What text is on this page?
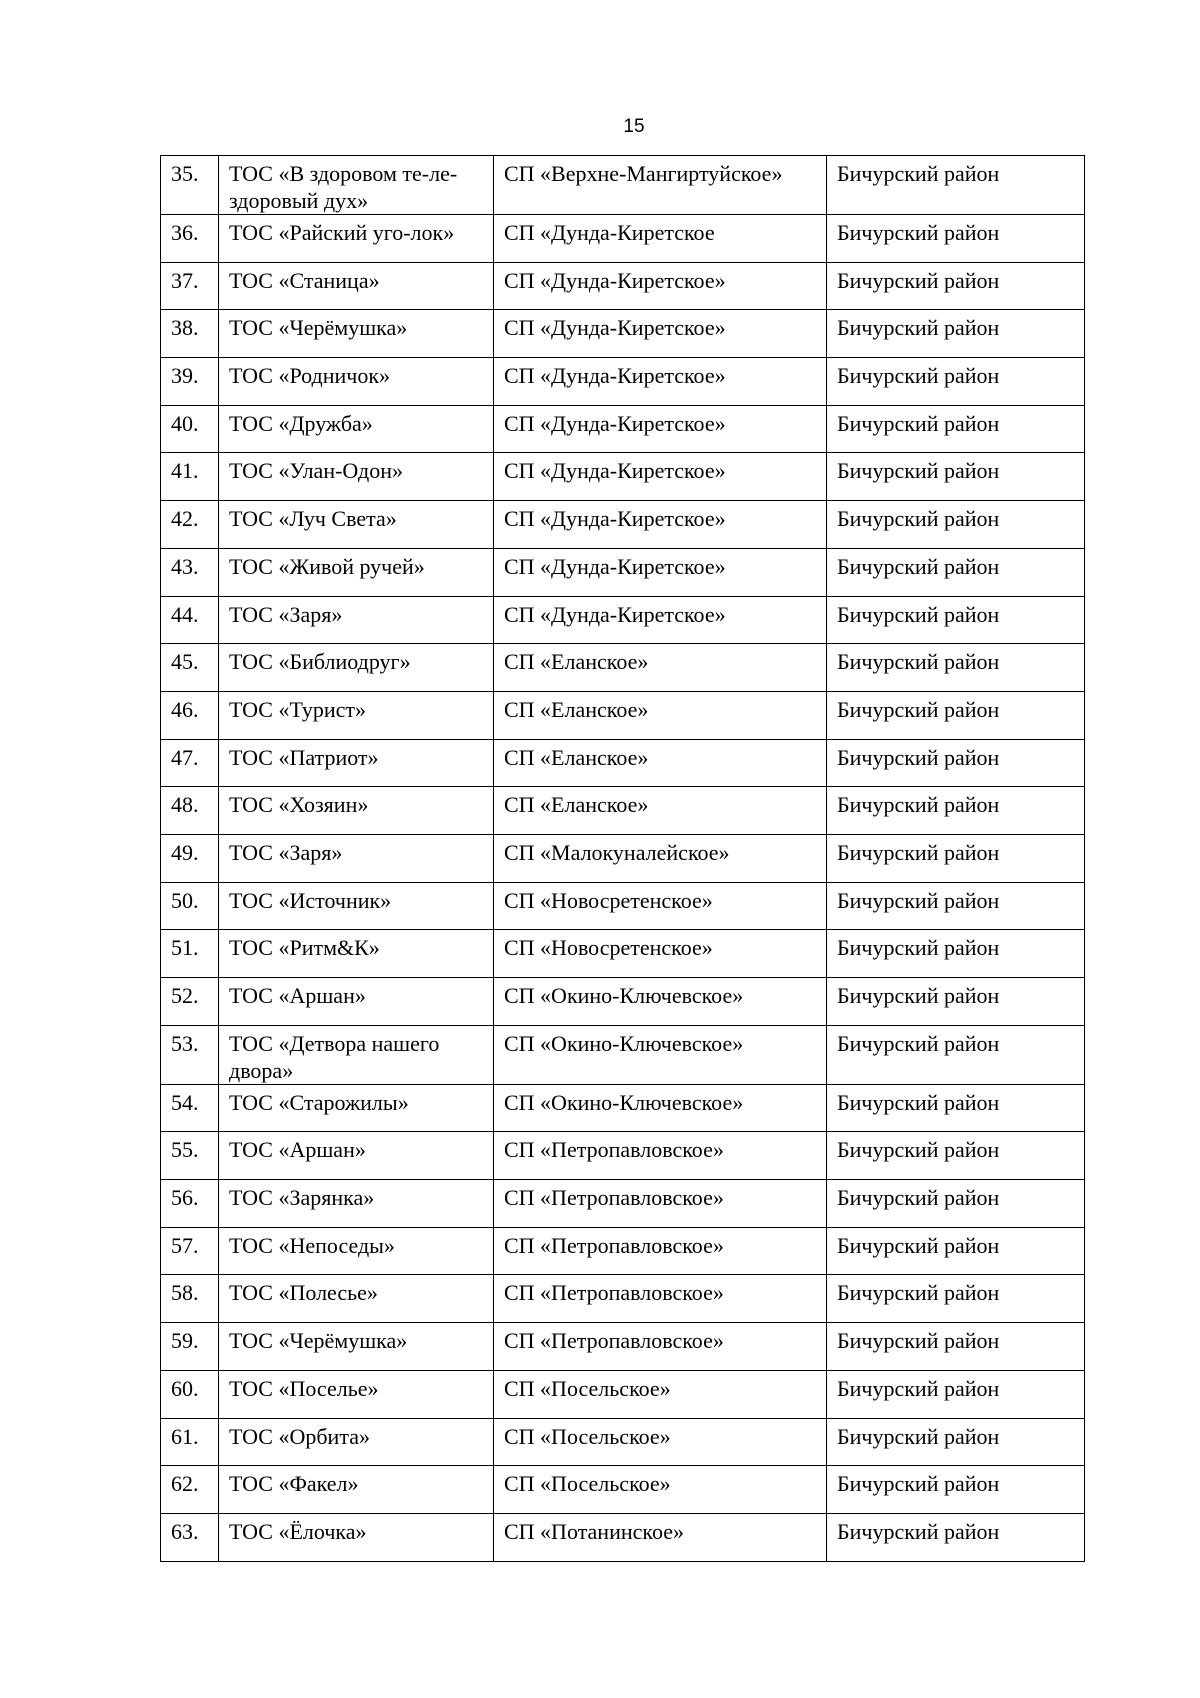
15
35.	ТОС «В здоровом те-ле-здоровый дух»	СП «Верхне-Мангиртуйское»	Бичурский район
36.	ТОС «Райский уго-лок»	СП «Дунда-Киретское	Бичурский район
37.	ТОС «Станица»	СП «Дунда-Киретское»	Бичурский район
38.	ТОС «Черёмушка»	СП «Дунда-Киретское»	Бичурский район
39.	ТОС «Родничок»	СП «Дунда-Киретское»	Бичурский район
40.	ТОС «Дружба»	СП «Дунда-Киретское»	Бичурский район
41.	ТОС «Улан-Одон»	СП «Дунда-Киретское»	Бичурский район
42.	ТОС «Луч Света»	СП «Дунда-Киретское»	Бичурский район
43.	ТОС «Живой ручей»	СП «Дунда-Киретское»	Бичурский район
44.	ТОС «Заря»	СП «Дунда-Киретское»	Бичурский район
45.	ТОС «Библиодруг»	СП «Еланское»	Бичурский район
46.	ТОС «Турист»	СП «Еланское»	Бичурский район
47.	ТОС «Патриот»	СП «Еланское»	Бичурский район
48.	ТОС «Хозяин»	СП «Еланское»	Бичурский район
49.	ТОС «Заря»	СП «Малокуналейское»	Бичурский район
50.	ТОС «Источник»	СП «Новосретенское»	Бичурский район
51.	ТОС «Ритм&К»	СП «Новосретенское»	Бичурский район
52.	ТОС «Аршан»	СП «Окино-Ключевское»	Бичурский район
53.	ТОС «Детвора нашего двора»	СП «Окино-Ключевское»	Бичурский район
54.	ТОС «Старожилы»	СП «Окино-Ключевское»	Бичурский район
55.	ТОС «Аршан»	СП «Петропавловское»	Бичурский район
56.	ТОС «Зарянка»	СП «Петропавловское»	Бичурский район
57.	ТОС «Непоседы»	СП «Петропавловское»	Бичурский район
58.	ТОС «Полесье»	СП «Петропавловское»	Бичурский район
59.	ТОС «Черёмушка»	СП «Петропавловское»	Бичурский район
60.	ТОС «Поселье»	СП «Посельское»	Бичурский район
61.	ТОС «Орбита»	СП «Посельское»	Бичурский район
62.	ТОС «Факел»	СП «Посельское»	Бичурский район
63.	ТОС «Ёлочка»	СП «Потанинское»	Бичурский район
